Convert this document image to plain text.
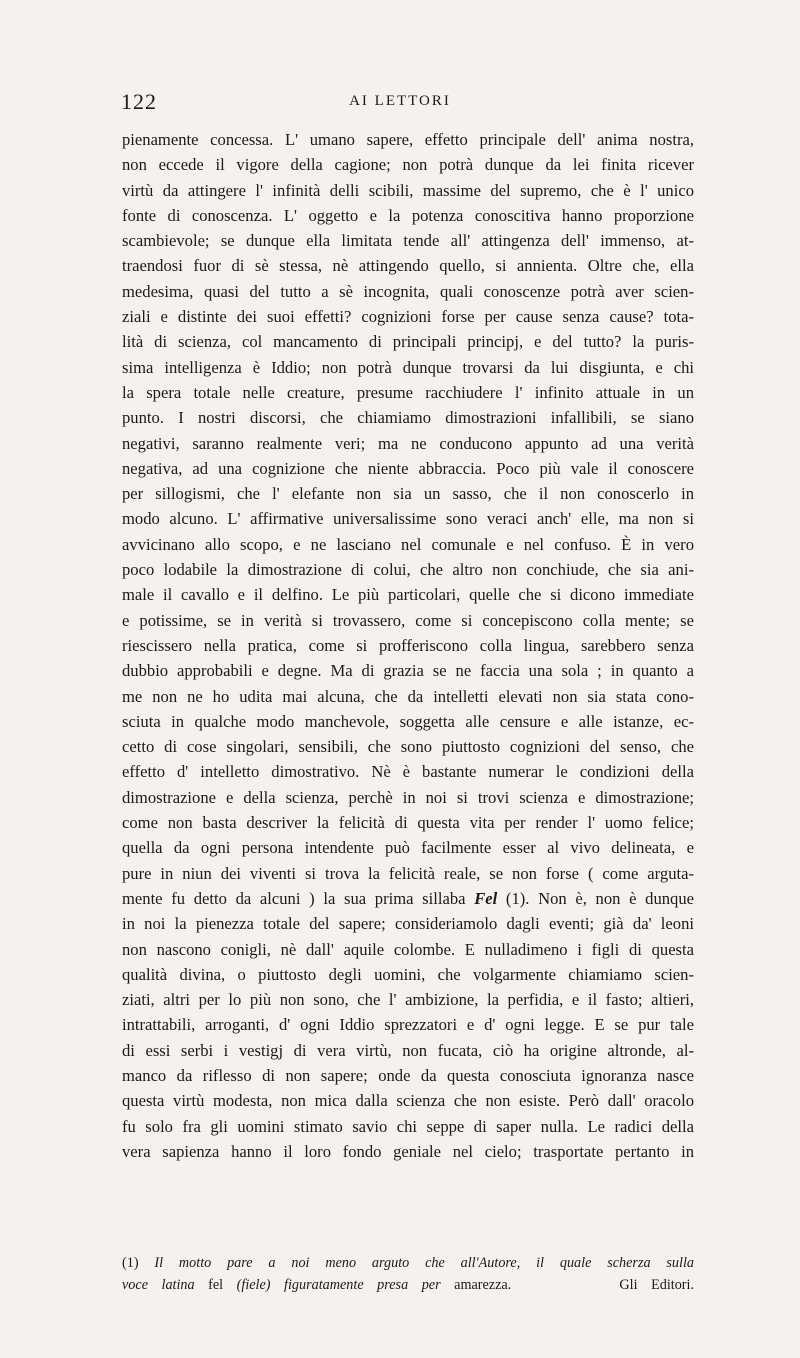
122	AI LETTORI
pienamente concessa. L' umano sapere, effetto principale dell' anima nostra,
non eccede il vigore della cagione; non potrà dunque da lei finita ricever
virtù da attingere l' infinità delli scibili, massime del supremo, che è l' unico
fonte di conoscenza. L' oggetto e la potenza conoscitiva hanno proporzione
scambievole; se dunque ella limitata tende all' attingenza dell' immenso, at-
traendosi fuor di sè stessa, nè attingendo quello, si annienta. Oltre che, ella
medesima, quasi del tutto a sè incognita, quali conoscenze potrà aver scien-
ziali e distinte dei suoi effetti? cognizioni forse per cause senza cause? tota-
lità di scienza, col mancamento di principali principj, e del tutto? la puris-
sima intelligenza è Iddio; non potrà dunque trovarsi da lui disgiunta, e chi
la spera totale nelle creature, presume racchiudere l' infinito attuale in un
punto. I nostri discorsi, che chiamiamo dimostrazioni infallibili, se siano
negativi, saranno realmente veri; ma ne conducono appunto ad una verità
negativa, ad una cognizione che niente abbraccia. Poco più vale il conoscere
per sillogismi, che l' elefante non sia un sasso, che il non conoscerlo in
modo alcuno. L' affirmative universalissime sono veraci anch' elle, ma non si
avvicinano allo scopo, e ne lasciano nel comunale e nel confuso. È in vero
poco lodabile la dimostrazione di colui, che altro non conchiude, che sia ani-
male il cavallo e il delfino. Le più particolari, quelle che si dicono immediate
e potissime, se in verità si trovassero, come si concepiscono colla mente; se
riescissero nella pratica, come si profferiscono colla lingua, sarebbero senza
dubbio approbabili e degne. Ma di grazia se ne faccia una sola ; in quanto a
me non ne ho udita mai alcuna, che da intelletti elevati non sia stata cono-
sciuta in qualche modo manchevole, soggetta alle censure e alle istanze, ec-
cetto di cose singolari, sensibili, che sono piuttosto cognizioni del senso, che
effetto d' intelletto dimostrativo. Nè è bastante numerar le condizioni della
dimostrazione e della scienza, perchè in noi si trovi scienza e dimostrazione;
come non basta descriver la felicità di questa vita per render l' uomo felice;
quella da ogni persona intendente può facilmente esser al vivo delineata, e
pure in niun dei viventi si trova la felicità reale, se non forse ( come arguta-
mente fu detto da alcuni ) la sua prima sillaba Fel (1). Non è, non è dunque
in noi la pienezza totale del sapere; consideriamolo dagli eventi; già da' leoni
non nascono conigli, nè dall' aquile colombe. E nulladimeno i figli di questa
qualità divina, o piuttosto degli uomini, che volgarmente chiamiamo scien-
ziati, altri per lo più non sono, che l' ambizione, la perfidia, e il fasto; altieri,
intrattabili, arroganti, d' ogni Iddio sprezzatori e d' ogni legge. E se pur tale
di essi serbi i vestigj di vera virtù, non fucata, ciò ha origine altronde, al-
manco da riflesso di non sapere; onde da questa conosciuta ignoranza nasce
questa virtù modesta, non mica dalla scienza che non esiste. Però dall' oracolo
fu solo fra gli uomini stimato savio chi seppe di saper nulla. Le radici della
vera sapienza hanno il loro fondo geniale nel cielo; trasportate pertanto in
(1) Il motto pare a noi meno arguto che all'Autore, il quale scherza sulla
voce latina fel (fiele) figuratamente presa per amarezza.	Gli Editori.
